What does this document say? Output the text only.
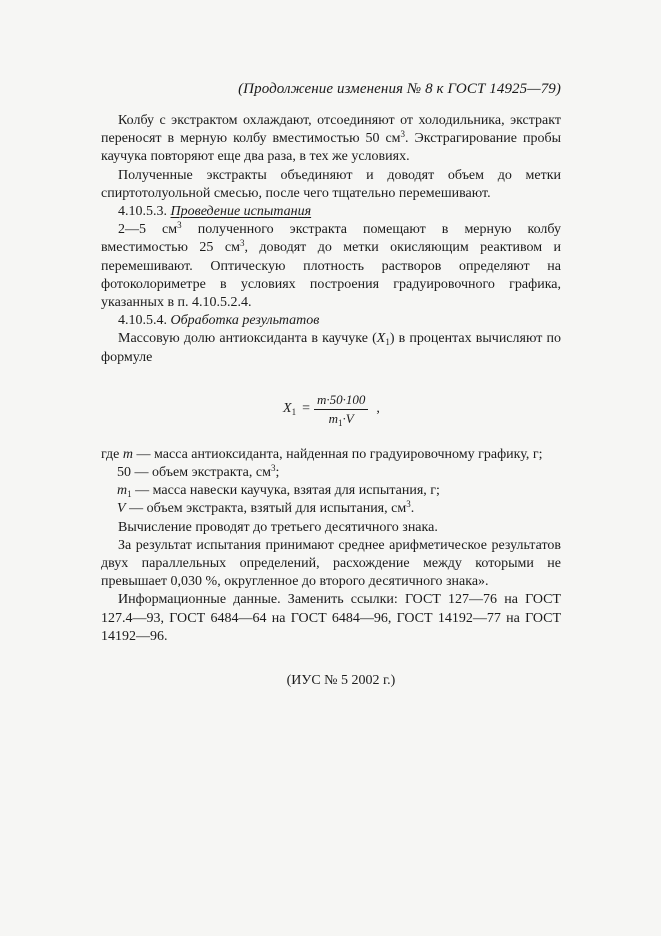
(Продолжение изменения № 8 к ГОСТ 14925—79)

Колбу с экстрактом охлаждают, отсоединяют от холодильника, экстракт переносят в мерную колбу вместимостью 50 $см^3$. Экстрагирование пробы каучука повторяют еще два раза, в тех же условиях.

Полученные экстракты объединяют и доводят объем до метки спиртотолуольной смесью, после чего тщательно перемешивают.

4.10.5.3. Проведение испытания

2—5 $см^3$ полученного экстракта помещают в мерную колбу вместимостью 25 $см^3$, доводят до метки окисляющим реактивом и перемешивают. Оптическую плотность растворов определяют на фотоколориметре в условиях построения градуировочного графика, указанных в п. 4.10.5.2.4.

4.10.5.4. Обработка результатов

Массовую долю антиоксиданта в каучуке $(X_1)$ в процентах вычисляют по формуле

$X_1 = \frac{m\cdot 50\cdot 100}{m_1\cdot V}$ ,

где m — масса антиоксиданта, найденная по градуировочному графику, г;

50 — объем экстракта, $см^3$;

$m_1$ — масса навески каучука, взятая для испытания, г;

V — объем экстракта, взятый для испытания, $см^3$.

Вычисление проводят до третьего десятичного знака.

За результат испытания принимают среднее арифметическое результатов двух параллельных определений, расхождение между которыми не превышает 0,030 %, округленное до второго десятичного знака».

Информационные данные. Заменить ссылки: ГОСТ 127—76 на ГОСТ 127.4—93, ГОСТ 6484—64 на ГОСТ 6484—96, ГОСТ 14192—77 на ГОСТ 14192—96.

(ИУС № 5 2002 г.)
